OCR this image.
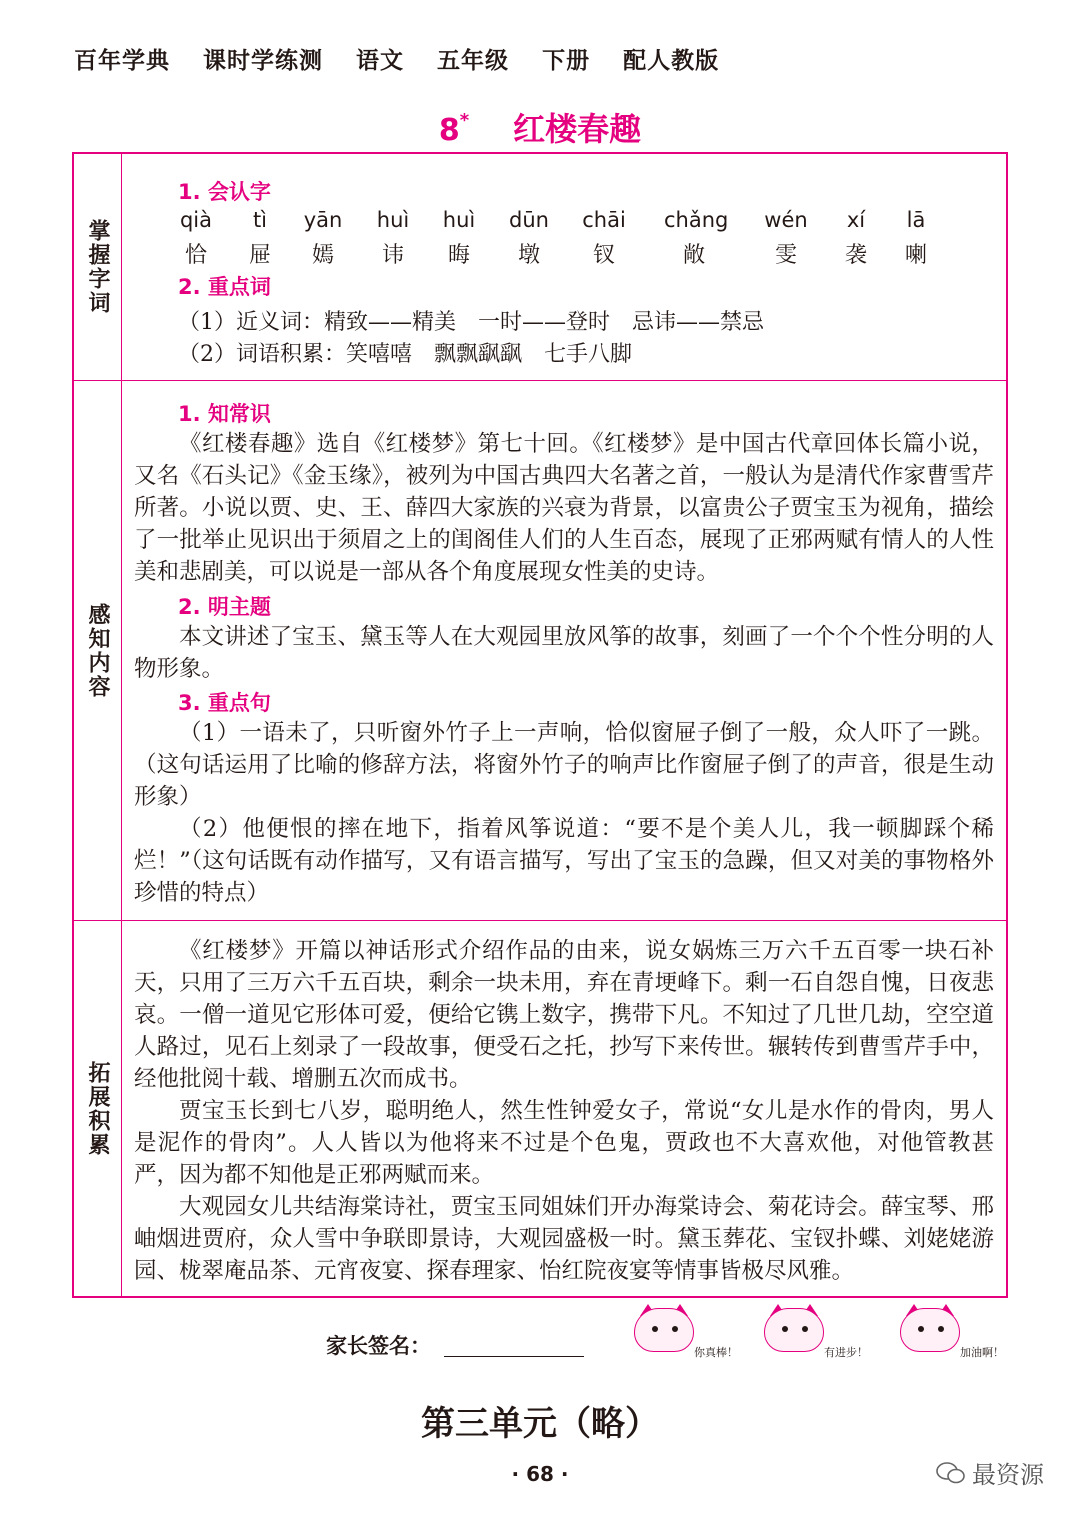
百年学典 课时学练测 语文 五年级 下册 配人教版
8* 红楼春趣
掌握字词
1. 会认字
qià	tì	yān	huì	huì	dūn	chāi	chǎng	wén	xí	lā
恰	屉	嫣	讳	晦	墩	钗	敞	雯	袭	喇
2. 重点词
（1）近义词：精致——精美　一时——登时　忌讳——禁忌
（2）词语积累：笑嘻嘻　飘飘飖飖　七手八脚
感知内容
1. 知常识
《红楼春趣》选自《红楼梦》第七十回。《红楼梦》是中国古代章回体长篇小说，又名《石头记》《金玉缘》，被列为中国古典四大名著之首，一般认为是清代作家曹雪芹所著。小说以贾、史、王、薛四大家族的兴衰为背景，以富贵公子贾宝玉为视角，描绘了一批举止见识出于须眉之上的闺阁佳人们的人生百态，展现了正邪两赋有情人的人性美和悲剧美，可以说是一部从各个角度展现女性美的史诗。
2. 明主题
本文讲述了宝玉、黛玉等人在大观园里放风筝的故事，刻画了一个个个性分明的人物形象。
3. 重点句
（1）一语未了，只听窗外竹子上一声响，恰似窗屉子倒了一般，众人吓了一跳。（这句话运用了比喻的修辞方法，将窗外竹子的响声比作窗屉子倒了的声音，很是生动形象）
（2）他便恨的摔在地下，指着风筝说道：“要不是个美人儿，我一顿脚踩个稀烂！”（这句话既有动作描写，又有语言描写，写出了宝玉的急躁，但又对美的事物格外珍惜的特点）
拓展积累
《红楼梦》开篇以神话形式介绍作品的由来，说女娲炼三万六千五百零一块石补天，只用了三万六千五百块，剩余一块未用，弃在青埂峰下。剩一石自怨自愧，日夜悲哀。一僧一道见它形体可爱，便给它镌上数字，携带下凡。不知过了几世几劫，空空道人路过，见石上刻录了一段故事，便受石之托，抄写下来传世。辗转传到曹雪芹手中，经他批阅十载、增删五次而成书。
贾宝玉长到七八岁，聪明绝人，然生性钟爱女子，常说“女儿是水作的骨肉，男人是泥作的骨肉”。人人皆以为他将来不过是个色鬼，贾政也不大喜欢他，对他管教甚严，因为都不知他是正邪两赋而来。
大观园女儿共结海棠诗社，贾宝玉同姐妹们开办海棠诗会、菊花诗会。薛宝琴、邢岫烟进贾府，众人雪中争联即景诗，大观园盛极一时。黛玉葬花、宝钗扑蝶、刘姥姥游园、栊翠庵品茶、元宵夜宴、探春理家、怡红院夜宴等情事皆极尽风雅。
家长签名：	你真棒！	有进步！	加油啊！
第三单元（略）
· 68 ·	最资源
